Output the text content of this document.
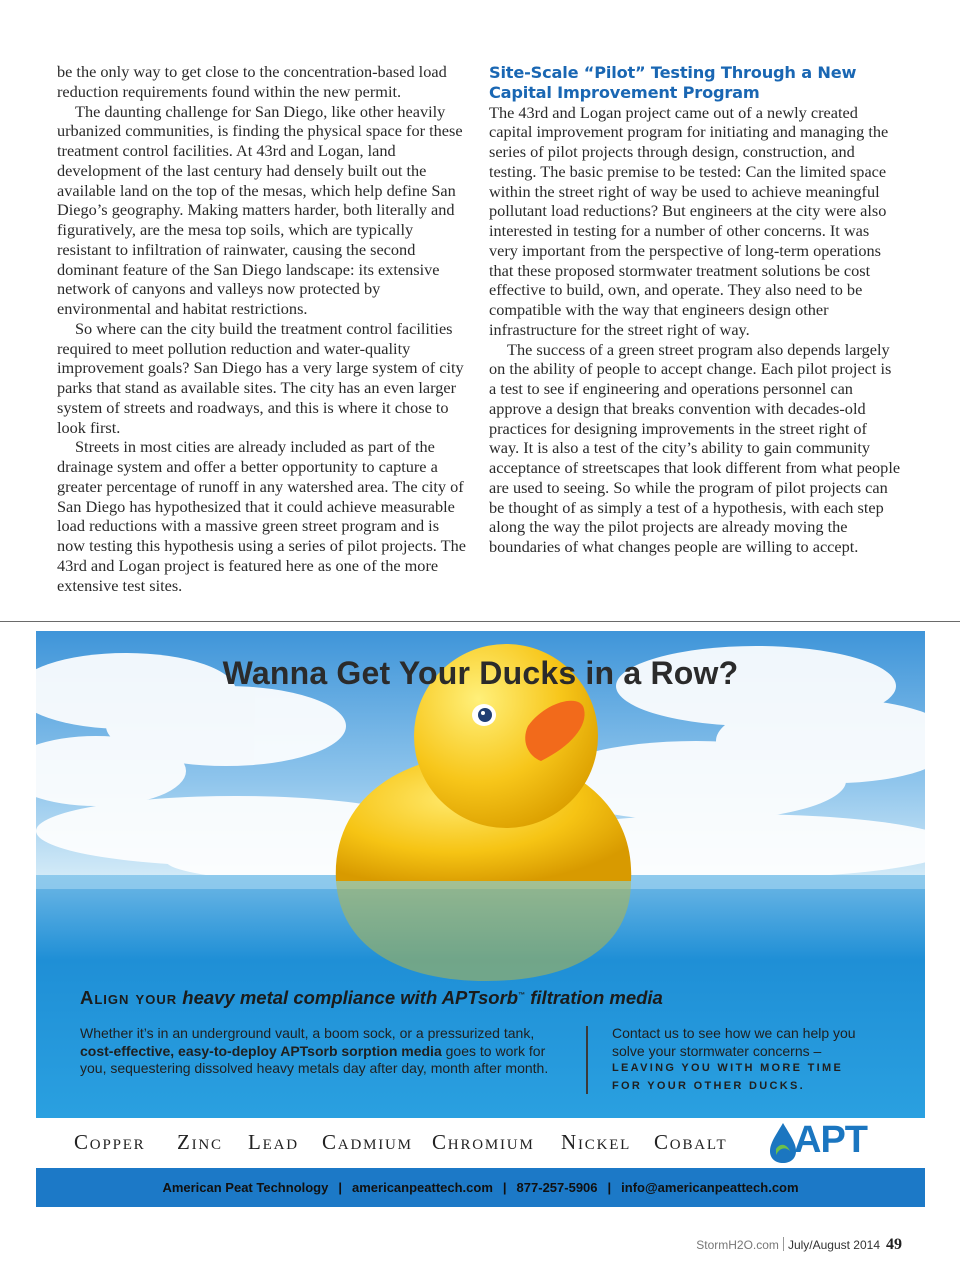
be the only way to get close to the concentration-based load reduction requirements found within the new permit.

The daunting challenge for San Diego, like other heavily urbanized communities, is finding the physical space for these treatment control facilities. At 43rd and Logan, land development of the last century had densely built out the available land on the top of the mesas, which help define San Diego’s geography. Making matters harder, both literally and figuratively, are the mesa top soils, which are typically resistant to infiltration of rainwater, causing the second dominant feature of the San Diego landscape: its extensive network of canyons and valleys now protected by environmental and habitat restrictions.

So where can the city build the treatment control facilities required to meet pollution reduction and water-quality improvement goals? San Diego has a very large system of city parks that stand as available sites. The city has an even larger system of streets and roadways, and this is where it chose to look first.

Streets in most cities are already included as part of the drainage system and offer a better opportunity to capture a greater percentage of runoff in any watershed area. The city of San Diego has hypothesized that it could achieve measurable load reductions with a massive green street program and is now testing this hypothesis using a series of pilot projects. The 43rd and Logan project is featured here as one of the more extensive test sites.

Site-Scale “Pilot” Testing Through a New Capital Improvement Program

The 43rd and Logan project came out of a newly created capital improvement program for initiating and managing the series of pilot projects through design, construction, and testing. The basic premise to be tested: Can the limited space within the street right of way be used to achieve meaningful pollutant load reductions? But engineers at the city were also interested in testing for a number of other concerns. It was very important from the perspective of long-term operations that these proposed stormwater treatment solutions be cost effective to build, own, and operate. They also need to be compatible with the way that engineers design other infrastructure for the street right of way.

The success of a green street program also depends largely on the ability of people to accept change. Each pilot project is a test to see if engineering and operations personnel can approve a design that breaks convention with decades-old practices for designing improvements in the street right of way. It is also a test of the city’s ability to gain community acceptance of streetscapes that look different from what people are used to seeing. So while the program of pilot projects can be thought of as simply a test of a hypothesis, with each step along the way the pilot projects are already moving the boundaries of what changes people are willing to accept.

Wanna Get Your Ducks in a Row?
Align your heavy metal compliance with APTsorb™ filtration media
Whether it’s in an underground vault, a boom sock, or a pressurized tank, cost-effective, easy-to-deploy APTsorb sorption media goes to work for you, sequestering dissolved heavy metals day after day, month after month.
Contact us to see how we can help you solve your stormwater concerns –
LEAVING YOU WITH MORE TIME
FOR YOUR OTHER DUCKS.
Copper Zinc Lead Cadmium Chromium Nickel Cobalt APT
American Peat Technology | americanpeattech.com | 877-257-5906 | info@americanpeattech.com
StormH2O.com July/August 2014 49
